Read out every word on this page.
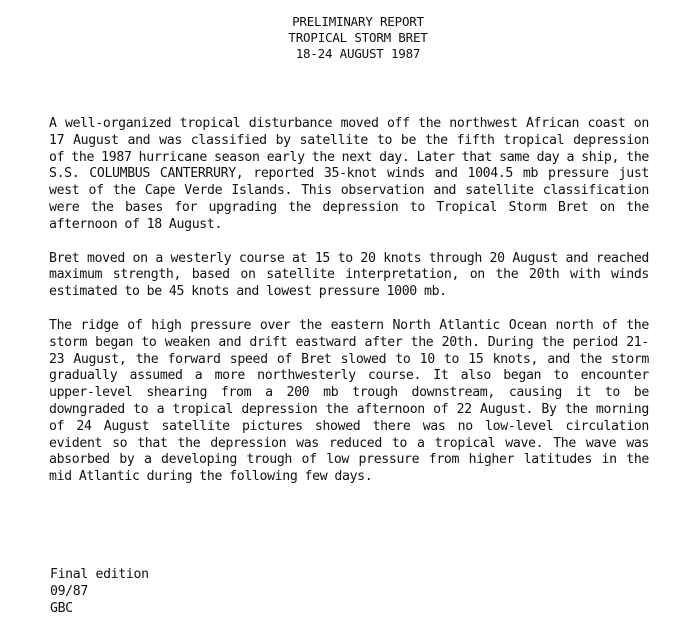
PRELIMINARY REPORT
TROPICAL STORM BRET
18-24 AUGUST 1987

A well-organized tropical disturbance moved off the northwest African coast on 17 August and was classified by satellite to be the fifth tropical depression of the 1987 hurricane season early the next day. Later that same day a ship, the S.S. COLUMBUS CANTERRURY, reported 35-knot winds and 1004.5 mb pressure just west of the Cape Verde Islands. This observation and satellite classification were the bases for upgrading the depression to Tropical Storm Bret on the afternoon of 18 August.

Bret moved on a westerly course at 15 to 20 knots through 20 August and reached maximum strength, based on satellite interpretation, on the 20th with winds estimated to be 45 knots and lowest pressure 1000 mb.

The ridge of high pressure over the eastern North Atlantic Ocean north of the storm began to weaken and drift eastward after the 20th. During the period 21-23 August, the forward speed of Bret slowed to 10 to 15 knots, and the storm gradually assumed a more northwesterly course. It also began to encounter upper-level shearing from a 200 mb trough downstream, causing it to be downgraded to a tropical depression the afternoon of 22 August. By the morning of 24 August satellite pictures showed there was no low-level circulation evident so that the depression was reduced to a tropical wave. The wave was absorbed by a developing trough of low pressure from higher latitudes in the mid Atlantic during the following few days.

Final edition
09/87
GBC
